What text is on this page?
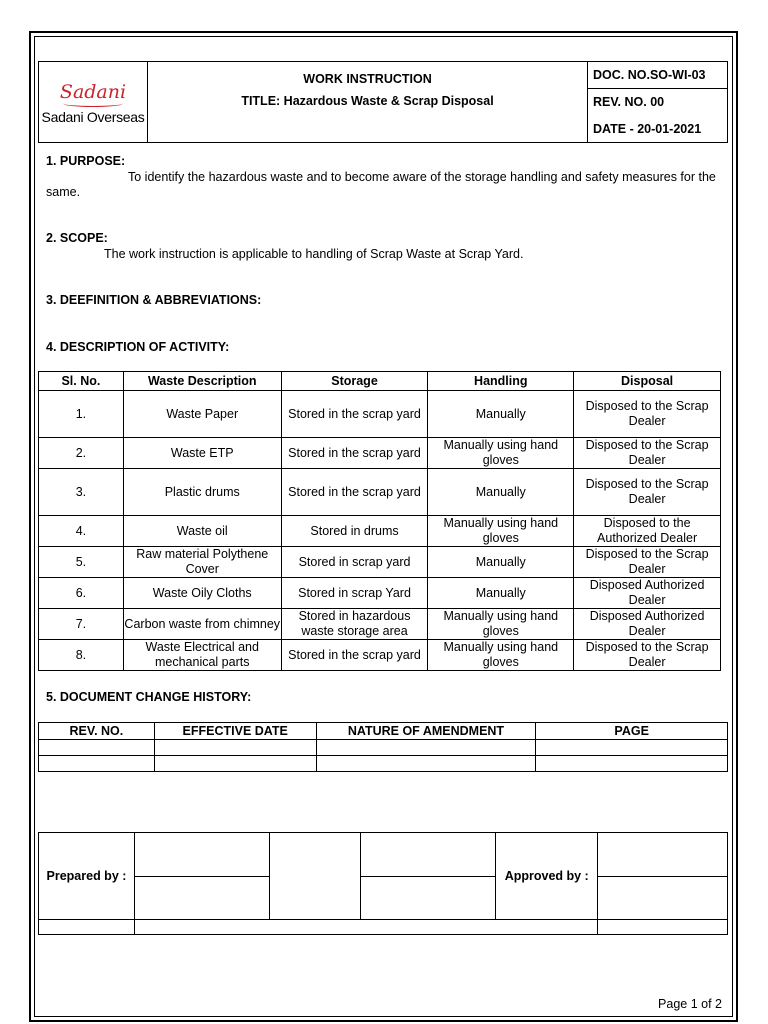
Sadani
Sadani Overseas

WORK INSTRUCTION
TITLE: Hazardous Waste & Scrap Disposal
	DOC. NO.SO-WI-03
REV. NO. 00
DATE - 20-01-2021
1. PURPOSE:
To identify the hazardous waste and to become aware of the storage handling and safety measures for the
same.
2. SCOPE:
The work instruction is applicable to handling of Scrap Waste at Scrap Yard.
3. DEEFINITION & ABBREVIATIONS:
4. DESCRIPTION OF ACTIVITY:
Sl. No.	Waste Description	Storage	Handling	Disposal
1.	Waste Paper	Stored in the scrap yard	Manually	Disposed to the Scrap Dealer
2.	Waste ETP	Stored in the scrap yard	Manually using hand gloves	Disposed to the Scrap Dealer
3.	Plastic drums	Stored in the scrap yard	Manually	Disposed to the Scrap Dealer
4.	Waste oil	Stored in drums	Manually using hand gloves	Disposed to the Authorized Dealer
5.	Raw material Polythene Cover	Stored in scrap yard	Manually	Disposed to the Scrap Dealer
6.	Waste Oily Cloths	Stored in scrap Yard	Manually	Disposed Authorized Dealer
7.	Carbon waste from chimney	Stored in hazardous waste storage area	Manually using hand gloves	Disposed Authorized Dealer
8.	Waste Electrical and mechanical parts	Stored in the scrap yard	Manually using hand gloves	Disposed to the Scrap Dealer
5. DOCUMENT CHANGE HISTORY:
REV. NO.	EFFECTIVE DATE	NATURE OF AMENDMENT	PAGE

Prepared by :				Approved by :	

Page 1 of 2
